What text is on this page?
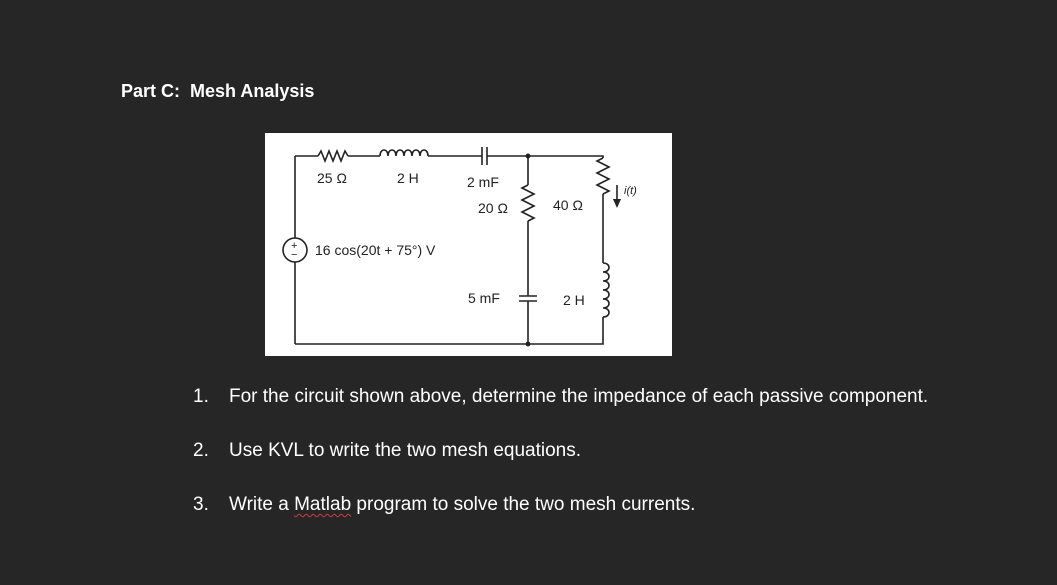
Part C:  Mesh Analysis
25 Ω	2 H	2 mF
20 Ω	40 Ω
i(t)
+
− 16 cos(20t + 75°) V
5 mF	2 H
1. For the circuit shown above, determine the impedance of each passive component.
2. Use KVL to write the two mesh equations.
3. Write a Matlab program to solve the two mesh currents.
